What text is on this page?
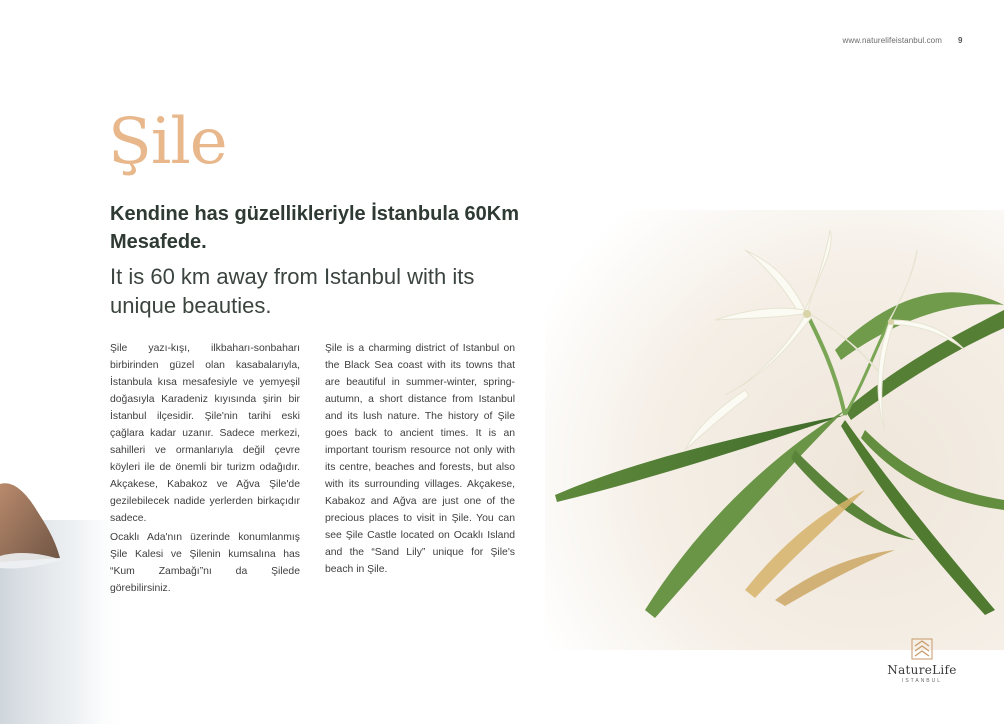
www.naturelifeistanbul.com 9
Şile
Kendine has güzellikleriyle İstanbula 60Km Mesafede.
It is 60 km away from Istanbul with its unique beauties.

Şile yazı-kışı, ilkbaharı-sonbaharı birbirinden güzel olan kasabalarıyla, İstanbula kısa mesafesiyle ve yemyeşil doğasıyla Karadeniz kıyısında şirin bir İstanbul ilçesidir. Şile'nin tarihi eski çağlara kadar uzanır. Sadece merkezi, sahilleri ve ormanlarıyla değil çevre köyleri ile de önemli bir turizm odağıdır. Akçakese, Kabakoz ve Ağva Şile'de gezilebilecek nadide yerlerden birkaçıdır sadece.

Ocaklı Ada'nın üzerinde konumlanmış Şile Kalesi ve Şilenin kumsalına has “Kum Zambağı”nı da Şilede görebilirsiniz.

Şile is a charming district of Istanbul on the Black Sea coast with its towns that are beautiful in summer-winter, spring-autumn, a short distance from Istanbul and its lush nature. The history of Şile goes back to ancient times. It is an important tourism resource not only with its centre, beaches and forests, but also with its surrounding villages. Akçakese, Kabakoz and Ağva are just one of the precious places to visit in Şile. You can see Şile Castle located on Ocaklı Island and the “Sand Lily” unique for Şile's beach in Şile.

NatureLife
ISTANBUL
